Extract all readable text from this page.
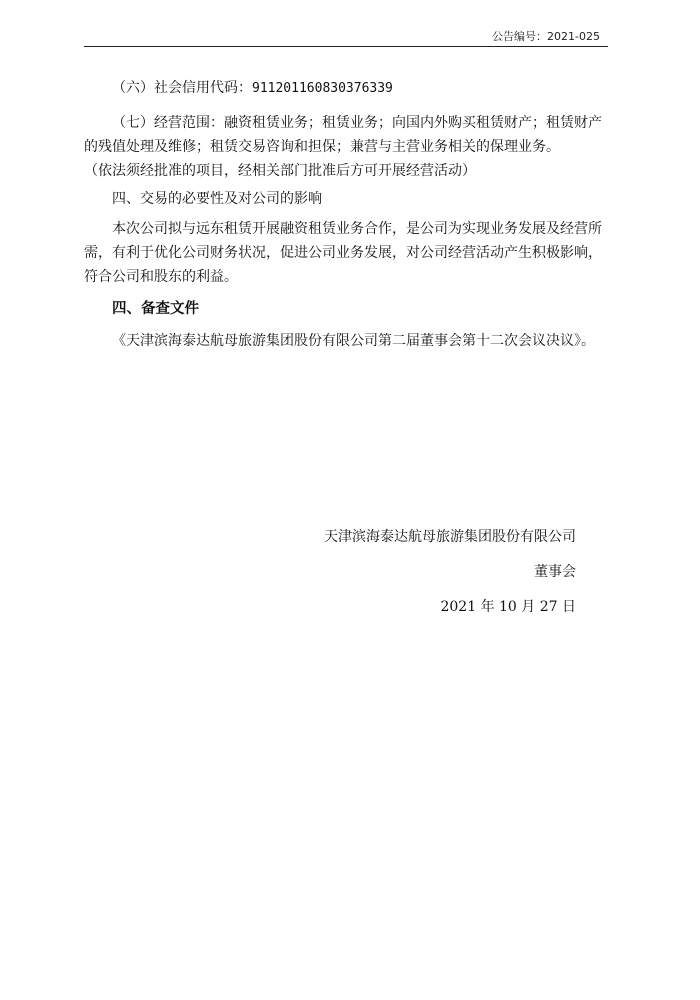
公告编号：2021-025

（六）社会信用代码：91120116083037633​9

（七）经营范围：融资租赁业务；租赁业务；向国内外购买租赁财产；租赁财产的残值处理及维修；租赁交易咨询和担保；兼营与主营业务相关的保理业务。

（依法须经批准的项目，经相关部门批准后方可开展经营活动）

四、交易的必要性及对公司的影响

本次公司拟与远东租赁开展融资租赁业务合作，是公司为实现业务发展及经营所需，有利于优化公司财务状况，促进公司业务发展，对公司经营活动产生积极影响，符合公司和股东的利益。

四、备查文件

《天津滨海泰达航母旅游集团股份有限公司第二届董事会第十二次会议决议》。

天津滨海泰达航母旅游集团股份有限公司
董事会
2021 年 10 月 27 日
